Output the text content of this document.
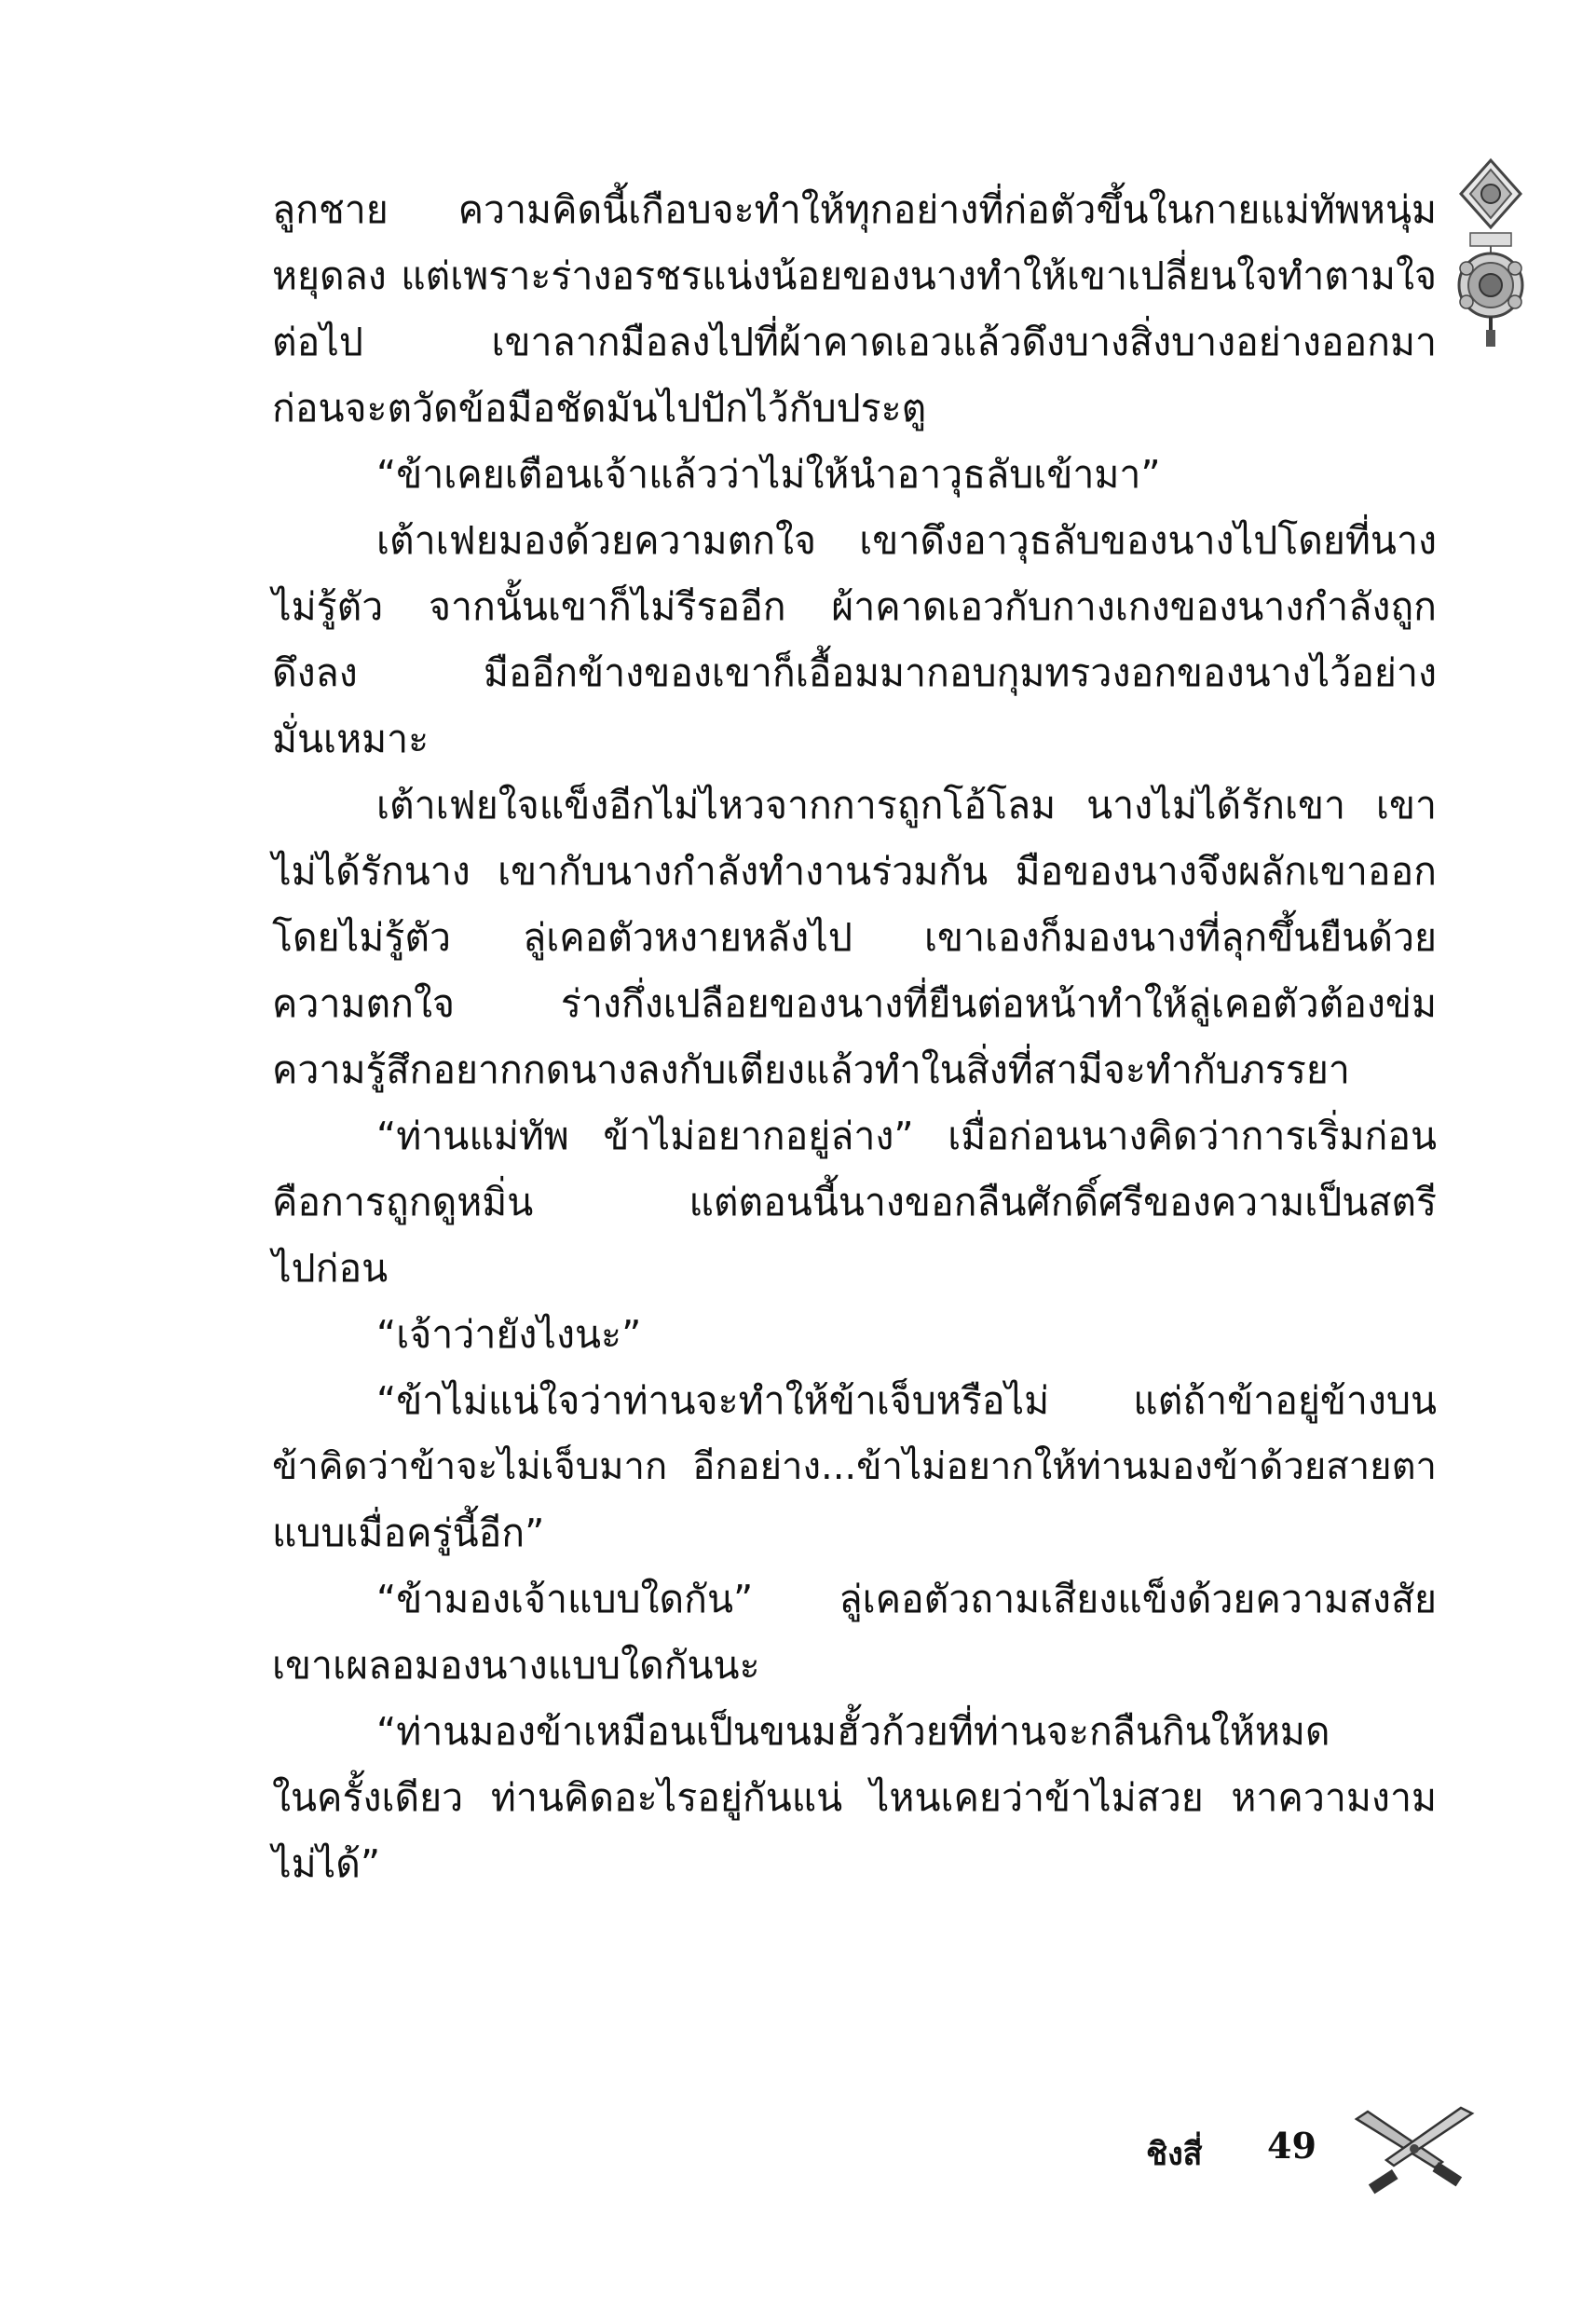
ลูกชาย ความคิดนี้เกือบจะทำให้ทุกอย่างที่ก่อตัวขึ้นในกายแม่ทัพหนุ่ม
หยุดลง แต่เพราะร่างอรชรแน่งน้อยของนางทำให้เขาเปลี่ยนใจทำตามใจ
ต่อไป เขาลากมือลงไปที่ผ้าคาดเอวแล้วดึงบางสิ่งบางอย่างออกมา
ก่อนจะตวัดข้อมือชัดมันไปปักไว้กับประตู

“ข้าเคยเตือนเจ้าแล้วว่าไม่ให้นำอาวุธลับเข้ามา”

เต้าเฟยมองด้วยความตกใจ เขาดึงอาวุธลับของนางไปโดยที่นาง
ไม่รู้ตัว จากนั้นเขาก็ไม่รีรออีก ผ้าคาดเอวกับกางเกงของนางกำลังถูก
ดึงลง มืออีกข้างของเขาก็เอื้อมมากอบกุมทรวงอกของนางไว้อย่าง
มั่นเหมาะ

เต้าเฟยใจแข็งอีกไม่ไหวจากการถูกโอ้โลม นางไม่ได้รักเขา เขา
ไม่ได้รักนาง เขากับนางกำลังทำงานร่วมกัน มือของนางจึงผลักเขาออก
โดยไม่รู้ตัว ลู่เคอตัวหงายหลังไป เขาเองก็มองนางที่ลุกขึ้นยืนด้วย
ความตกใจ ร่างกึ่งเปลือยของนางที่ยืนต่อหน้าทำให้ลู่เคอตัวต้องข่ม
ความรู้สึกอยากกดนางลงกับเตียงแล้วทำในสิ่งที่สามีจะทำกับภรรยา

“ท่านแม่ทัพ ข้าไม่อยากอยู่ล่าง” เมื่อก่อนนางคิดว่าการเริ่มก่อน
คือการถูกดูหมิ่น แต่ตอนนี้นางขอกลืนศักดิ์ศรีของความเป็นสตรี
ไปก่อน

“เจ้าว่ายังไงนะ”

“ข้าไม่แน่ใจว่าท่านจะทำให้ข้าเจ็บหรือไม่ แต่ถ้าข้าอยู่ข้างบน
ข้าคิดว่าข้าจะไม่เจ็บมาก อีกอย่าง...ข้าไม่อยากให้ท่านมองข้าด้วยสายตา
แบบเมื่อครู่นี้อีก”

“ข้ามองเจ้าแบบใดกัน” ลู่เคอตัวถามเสียงแข็งด้วยความสงสัย
เขาเผลอมองนางแบบใดกันนะ

“ท่านมองข้าเหมือนเป็นขนมฮั้วก้วยที่ท่านจะกลืนกินให้หมด
ในครั้งเดียว ท่านคิดอะไรอยู่กันแน่ ไหนเคยว่าข้าไม่สวย หาความงาม
ไม่ได้”

ชิงสี่ 49
